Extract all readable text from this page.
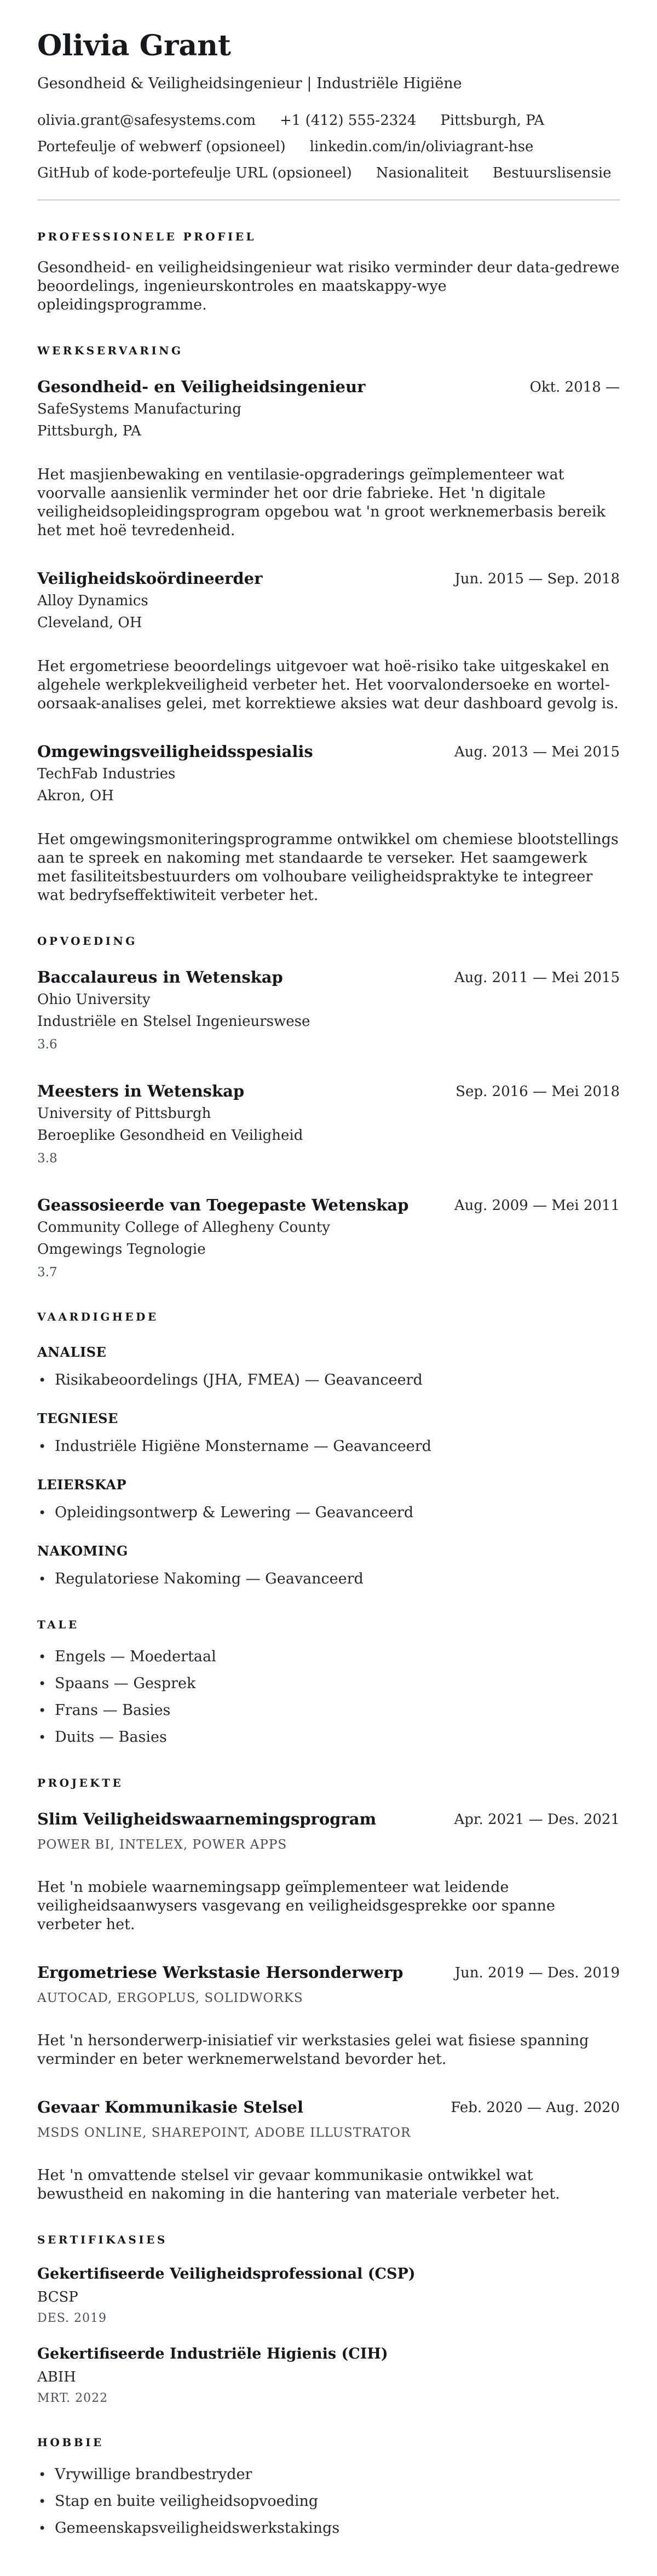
Olivia Grant
Gesondheid & Veiligheidsingenieur | Industriële Higiëne
olivia.grant@safesystems.com +1 (412) 555-2324 Pittsburgh, PA
Portefeulje of webwerf (opsioneel) linkedin.com/in/oliviagrant-hse
GitHub of kode-portefeulje URL (opsioneel) Nasionaliteit Bestuurslisensie
PROFESSIONELE PROFIEL

Gesondheid- en veiligheidsingenieur wat risiko verminder deur data-gedrewe beoordelings, ingenieurskontroles en maatskappy-wye opleidingsprogramme.

WERKSERVARING
Gesondheid- en Veiligheidsingenieur	Okt. 2018 —
SafeSystems Manufacturing
Pittsburgh, PA

Het masjienbewaking en ventilasie-opgraderings geïmplementeer wat voorvalle aansienlik verminder het oor drie fabrieke. Het 'n digitale veiligheidsopleidingsprogram opgebou wat 'n groot werknemerbasis bereik het met hoë tevredenheid.

Veiligheidskoördineerder	Jun. 2015 — Sep. 2018
Alloy Dynamics
Cleveland, OH

Het ergometriese beoordelings uitgevoer wat hoë-risiko take uitgeskakel en algehele werkplekveiligheid verbeter het. Het voorvalondersoeke en wortel-oorsaak-analises gelei, met korrektiewe aksies wat deur dashboard gevolg is.

Omgewingsveiligheidsspesialis	Aug. 2013 — Mei 2015
TechFab Industries
Akron, OH

Het omgewingsmoniteringsprogramme ontwikkel om chemiese blootstellings aan te spreek en nakoming met standaarde te verseker. Het saamgewerk met fasiliteitsbestuurders om volhoubare veiligheidspraktyke te integreer wat bedryfseffektiwiteit verbeter het.

OPVOEDING
Baccalaureus in Wetenskap	Aug. 2011 — Mei 2015
Ohio University
Industriële en Stelsel Ingenieurswese
3.6
Meesters in Wetenskap	Sep. 2016 — Mei 2018
University of Pittsburgh
Beroeplike Gesondheid en Veiligheid
3.8
Geassosieerde van Toegepaste Wetenskap	Aug. 2009 — Mei 2011
Community College of Allegheny County
Omgewings Tegnologie
3.7
VAARDIGHEDE
ANALISE
• Risikabeoordelings (JHA, FMEA) — Geavanceerd
TEGNIESE
• Industriële Higiëne Monstername — Geavanceerd
LEIERSKAP
• Opleidingsontwerp & Lewering — Geavanceerd
NAKOMING
• Regulatoriese Nakoming — Geavanceerd
TALE
• Engels — Moedertaal
• Spaans — Gesprek
• Frans — Basies
• Duits — Basies
PROJEKTE
Slim Veiligheidswaarnemingsprogram	Apr. 2021 — Des. 2021
POWER BI, INTELEX, POWER APPS

Het 'n mobiele waarnemingsapp geïmplementeer wat leidende veiligheidsaanwysers vasgevang en veiligheidsgesprekke oor spanne verbeter het.

Ergometriese Werkstasie Hersonderwerp	Jun. 2019 — Des. 2019
AUTOCAD, ERGOPLUS, SOLIDWORKS

Het 'n hersonderwerp-inisiatief vir werkstasies gelei wat fisiese spanning verminder en beter werknemerwelstand bevorder het.

Gevaar Kommunikasie Stelsel	Feb. 2020 — Aug. 2020
MSDS ONLINE, SHAREPOINT, ADOBE ILLUSTRATOR

Het 'n omvattende stelsel vir gevaar kommunikasie ontwikkel wat bewustheid en nakoming in die hantering van materiale verbeter het.

SERTIFIKASIES
Gekertifiseerde Veiligheidsprofessional (CSP)
BCSP
DES. 2019
Gekertifiseerde Industriële Higienis (CIH)
ABIH
MRT. 2022
HOBBIE
• Vrywillige brandbestryder
• Stap en buite veiligheidsopvoeding
• Gemeenskapsveiligheidswerkstakings
